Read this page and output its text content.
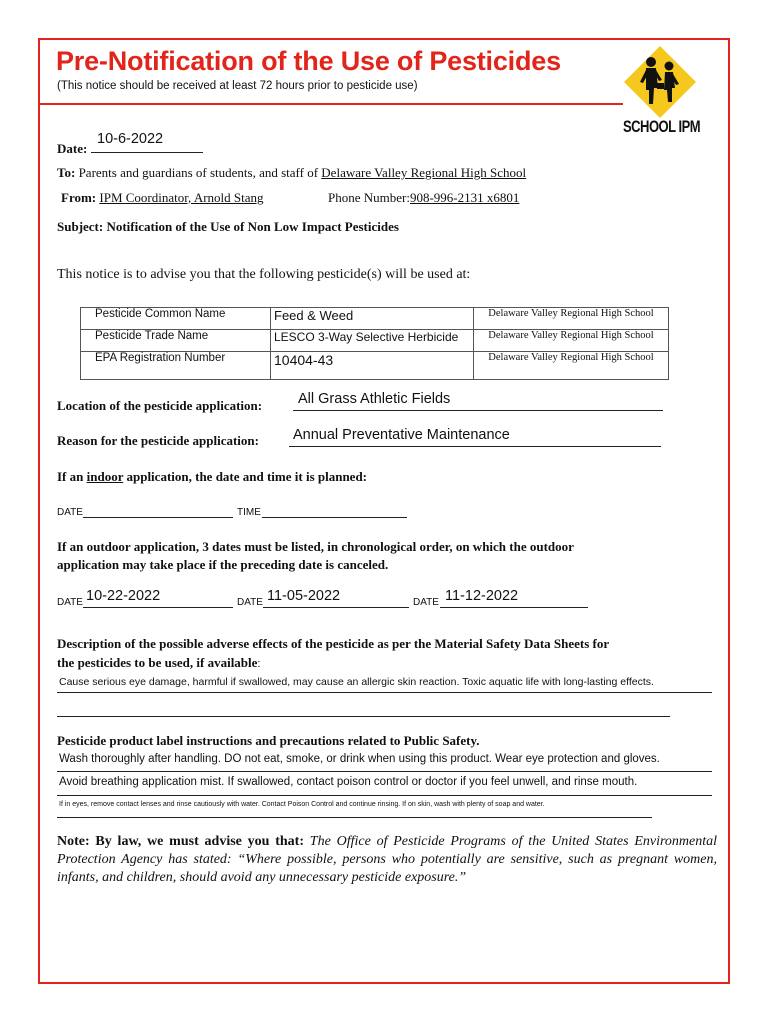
Pre-Notification of the Use of Pesticides
(This notice should be received at least 72 hours prior to pesticide use)
SCHOOL IPM
Date:
10-6-2022
To: Parents and guardians of students, and staff of Delaware Valley Regional High School
From: IPM Coordinator, Arnold Stang	Phone Number:908-996-2131 x6801
Subject: Notification of the Use of Non Low Impact Pesticides
This notice is to advise you that the following pesticide(s) will be used at:
Pesticide Common Name	Feed & Weed	Delaware Valley Regional High School
Pesticide Trade Name	LESCO 3-Way Selective Herbicide	Delaware Valley Regional High School
EPA Registration Number	10404-43	Delaware Valley Regional High School
Location of the pesticide application: All Grass Athletic Fields
Reason for the pesticide application: Annual Preventative Maintenance
If an indoor application, the date and time it is planned:
DATE	TIME
If an outdoor application, 3 dates must be listed, in chronological order, on which the outdoor
application may take place if the preceding date is canceled.
DATE 10-22-2022	DATE 11-05-2022	DATE 11-12-2022
Description of the possible adverse effects of the pesticide as per the Material Safety Data Sheets for
the pesticides to be used, if available:
Cause serious eye damage, harmful if swallowed, may cause an allergic skin reaction. Toxic aquatic life with long-lasting effects.
Pesticide product label instructions and precautions related to Public Safety.
Wash thoroughly after handling. DO not eat, smoke, or drink when using this product. Wear eye protection and gloves.
Avoid breathing application mist. If swallowed, contact poison control or doctor if you feel unwell, and rinse mouth.
If in eyes, remove contact lenses and rinse cautiously with water. Contact Poison Control and continue rinsing. If on skin, wash with plenty of soap and water.
Note: By law, we must advise you that: The Office of Pesticide Programs of the United States Environmental Protection Agency has stated: “Where possible, persons who potentially are sensitive, such as pregnant women, infants, and children, should avoid any unnecessary pesticide exposure.”
